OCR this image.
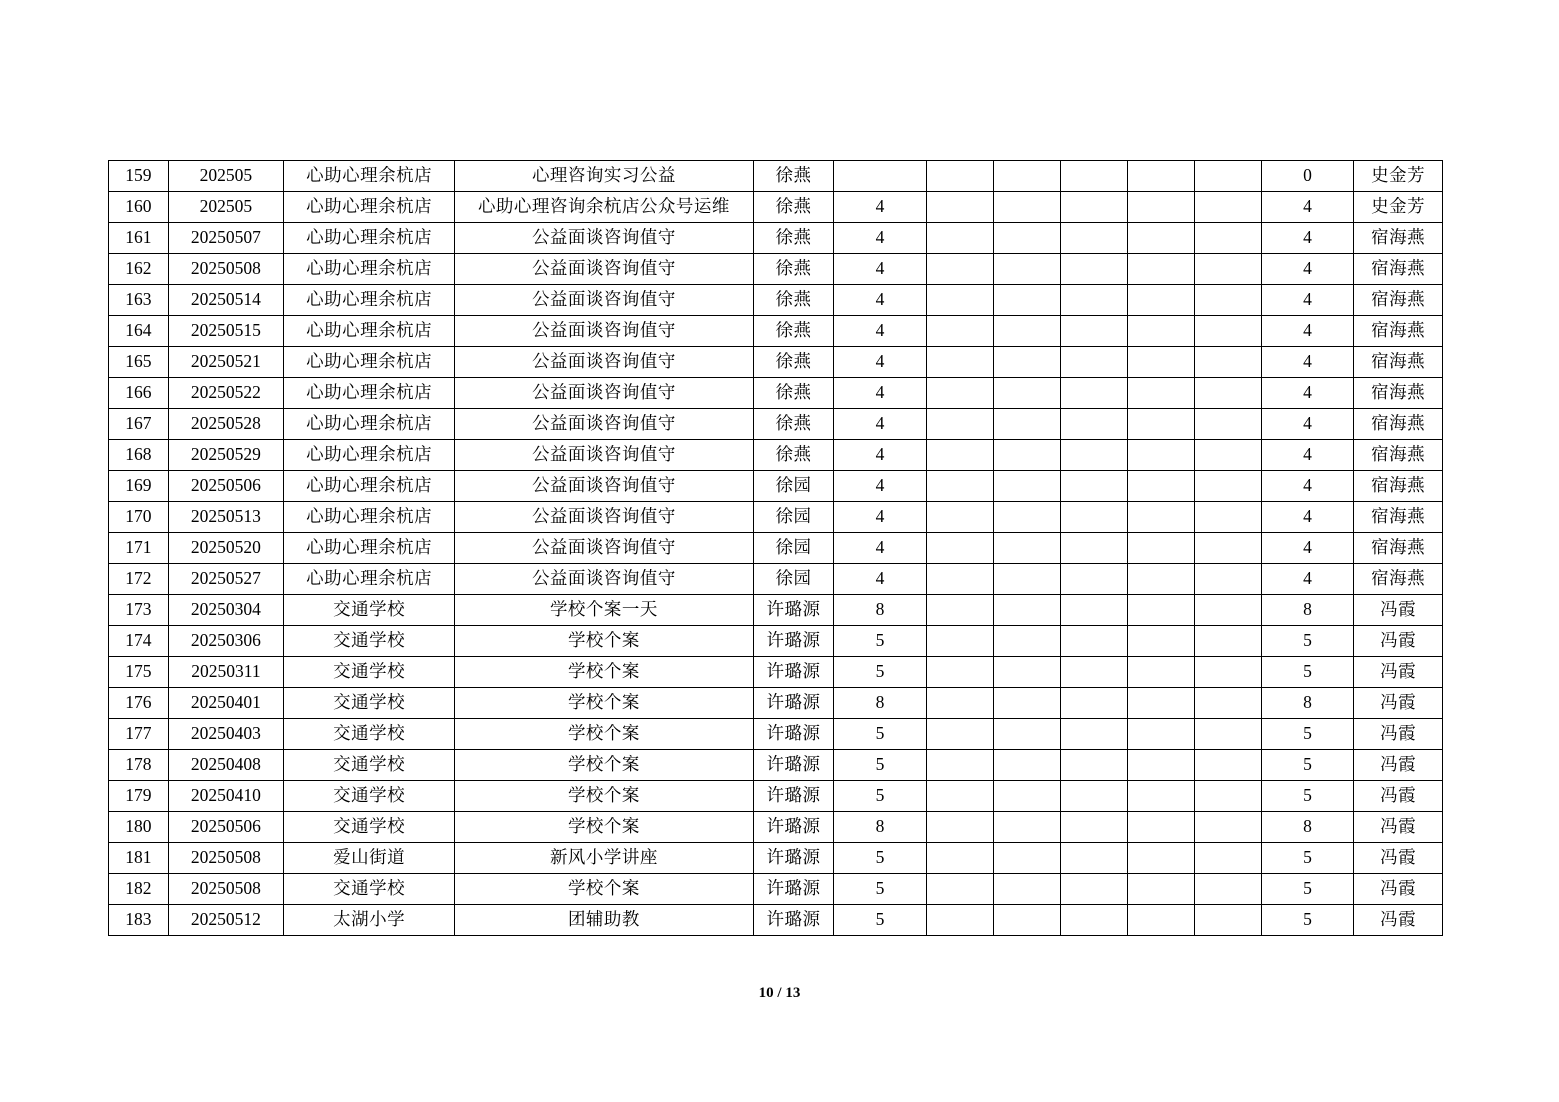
159	202505	心助心理余杭店	心理咨询实习公益	徐燕							0	史金芳
160	202505	心助心理余杭店	心助心理咨询余杭店公众号运维	徐燕	4						4	史金芳
161	20250507	心助心理余杭店	公益面谈咨询值守	徐燕	4						4	宿海燕
162	20250508	心助心理余杭店	公益面谈咨询值守	徐燕	4						4	宿海燕
163	20250514	心助心理余杭店	公益面谈咨询值守	徐燕	4						4	宿海燕
164	20250515	心助心理余杭店	公益面谈咨询值守	徐燕	4						4	宿海燕
165	20250521	心助心理余杭店	公益面谈咨询值守	徐燕	4						4	宿海燕
166	20250522	心助心理余杭店	公益面谈咨询值守	徐燕	4						4	宿海燕
167	20250528	心助心理余杭店	公益面谈咨询值守	徐燕	4						4	宿海燕
168	20250529	心助心理余杭店	公益面谈咨询值守	徐燕	4						4	宿海燕
169	20250506	心助心理余杭店	公益面谈咨询值守	徐园	4						4	宿海燕
170	20250513	心助心理余杭店	公益面谈咨询值守	徐园	4						4	宿海燕
171	20250520	心助心理余杭店	公益面谈咨询值守	徐园	4						4	宿海燕
172	20250527	心助心理余杭店	公益面谈咨询值守	徐园	4						4	宿海燕
173	20250304	交通学校	学校个案一天	许璐源	8						8	冯霞
174	20250306	交通学校	学校个案	许璐源	5						5	冯霞
175	20250311	交通学校	学校个案	许璐源	5						5	冯霞
176	20250401	交通学校	学校个案	许璐源	8						8	冯霞
177	20250403	交通学校	学校个案	许璐源	5						5	冯霞
178	20250408	交通学校	学校个案	许璐源	5						5	冯霞
179	20250410	交通学校	学校个案	许璐源	5						5	冯霞
180	20250506	交通学校	学校个案	许璐源	8						8	冯霞
181	20250508	爱山街道	新风小学讲座	许璐源	5						5	冯霞
182	20250508	交通学校	学校个案	许璐源	5						5	冯霞
183	20250512	太湖小学	团辅助教	许璐源	5						5	冯霞
10 / 13
